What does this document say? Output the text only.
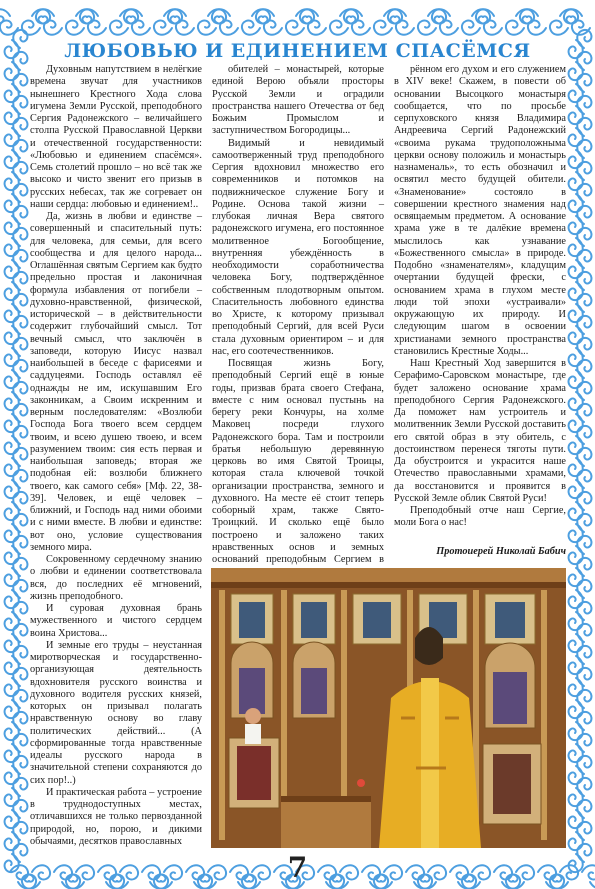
ЛЮБОВЬЮ И ЕДИНЕНИЕМ СПАСЁМСЯ

Духовным напутствием в нелёгкие времена звучат для участников нынешнего Крестного Хода слова игумена Земли Русской, преподобного Сергия Радонежского – величайшего столпа Русской Православной Церкви и отечественной государственности: «Любовью и единением спасёмся». Семь столетий прошло – но всё так же высоко и чисто звенит его призыв в русских небесах, так же согревает он наши сердца: любовью и единением!..

Да, жизнь в любви и единстве – совершенный и спасительный путь: для человека, для семьи, для всего сообщества и для целого народа... Оглашённая святым Сергием как будто предельно простая и лаконичная формула избавления от погибели – духовно-нравственной, физической, исторической – в действительности содержит глубочайший смысл. Тот вечный смысл, что заключён в заповеди, которую Иисус назвал наибольшей в беседе с фарисеями и саддуцеями. Господь оставлял её однажды не им, искушавшим Его законникам, а Своим искренним и верным последователям: «Возлюби Господа Бога твоего всем сердцем твоим, и всею душею твоею, и всем разумением твоим: сия есть первая и наибольшая заповедь; вторая же подобная ей: возлюби ближнего твоего, как самого себя» [Мф. 22, 38-39]. Человек, и ещё человек – ближний, и Господь над ними обоими и с ними вместе. В любви и единстве: вот оно, условие существования земного мира.

Сокровенному сердечному знанию о любви и единении соответствовала вся, до последних её мгновений, жизнь преподобного.

И суровая духовная брань мужественного и чистого сердцем воина Христова...

И земные его труды – неустанная миротворческая и государственно-организующая деятельность вдохновителя русского воинства и духовного водителя русских князей, которых он призывал полагать нравственную основу во главу политических действий... (А сформированные тогда нравственные идеалы русского народа в значительной степени сохраняются до сих пор!..)

И практическая работа – устроение в труднодоступных местах, отличавшихся не только первозданной природой, но, порою, и дикими обычаями, десятков православных

обителей – монастырей, которые единой Верою объяли просторы Русской Земли и оградили пространства нашего Отечества от бед Божьим Промыслом и заступничеством Богородицы...

Видимый и невидимый самоотверженный труд преподобного Сергия вдохновил множество его современников и потомков на подвижническое служение Богу и Родине. Основа такой жизни – глубокая личная Вера святого радонежского игумена, его постоянное молитвенное Богообщение, внутренняя убеждённость в необходимости соработничества человека Богу, подтверждённое собственным плодотворным опытом. Спасительность любовного единства во Христе, к которому призывал преподобный Сергий, для всей Руси стала духовным ориентиром – и для нас, его соотечественников.

Посвящая жизнь Богу, преподобный Сергий ещё в юные годы, призвав брата своего Стефана, вместе с ним основал пустынь на берегу реки Кончуры, на холме Маковец посреди глухого Радонежского бора. Там и построили братья небольшую деревянную церковь во имя Святой Троицы, которая стала ключевой точкой организации пространства, земного и духовного. На месте её стоит теперь соборный храм, также Свято-Троицкий. И сколько ещё было построено и заложено таких нравственных основ и земных оснований преподобным Сергием в

рённом его духом и его служением в XIV веке! Скажем, в повести об основании Высоцкого монастыря сообщается, что по просьбе серпуховского князя Владимира Андреевича Сергий Радонежский «своима рукама трудоположныма церкви основу положиль и монастырь назнаменаль», то есть обозначил и освятил место будущей обители. «Знаменование» состояло в совершении крестного знамения над освящаемым предметом. А основание храма уже в те далёкие времена мыслилось как узнавание «Божественного смысла» в природе. Подобно «знаменателям», кладущим очертании будущей фрески, с основанием храма в глухом месте люди той эпохи «устраивали» окружающую их природу. И следующим шагом в освоении христианами земного пространства становились Крестные Ходы...

Наш Крестный Ход завершится в Серафимо-Саровском монастыре, где будет заложено основание храма преподобного Сергия Радонежского. Да поможет нам устроитель и молитвенник Земли Русской доставить его святой образ в эту обитель, с достоинством перенеся тяготы пути. Да обустроится и украсится наше Отечество православными храмами, да восстановится и проявится в Русской Земле облик Святой Руси!

Преподобный отче наш Сергие, моли Бога о нас!

Протоиерей Николай Бабич

7
